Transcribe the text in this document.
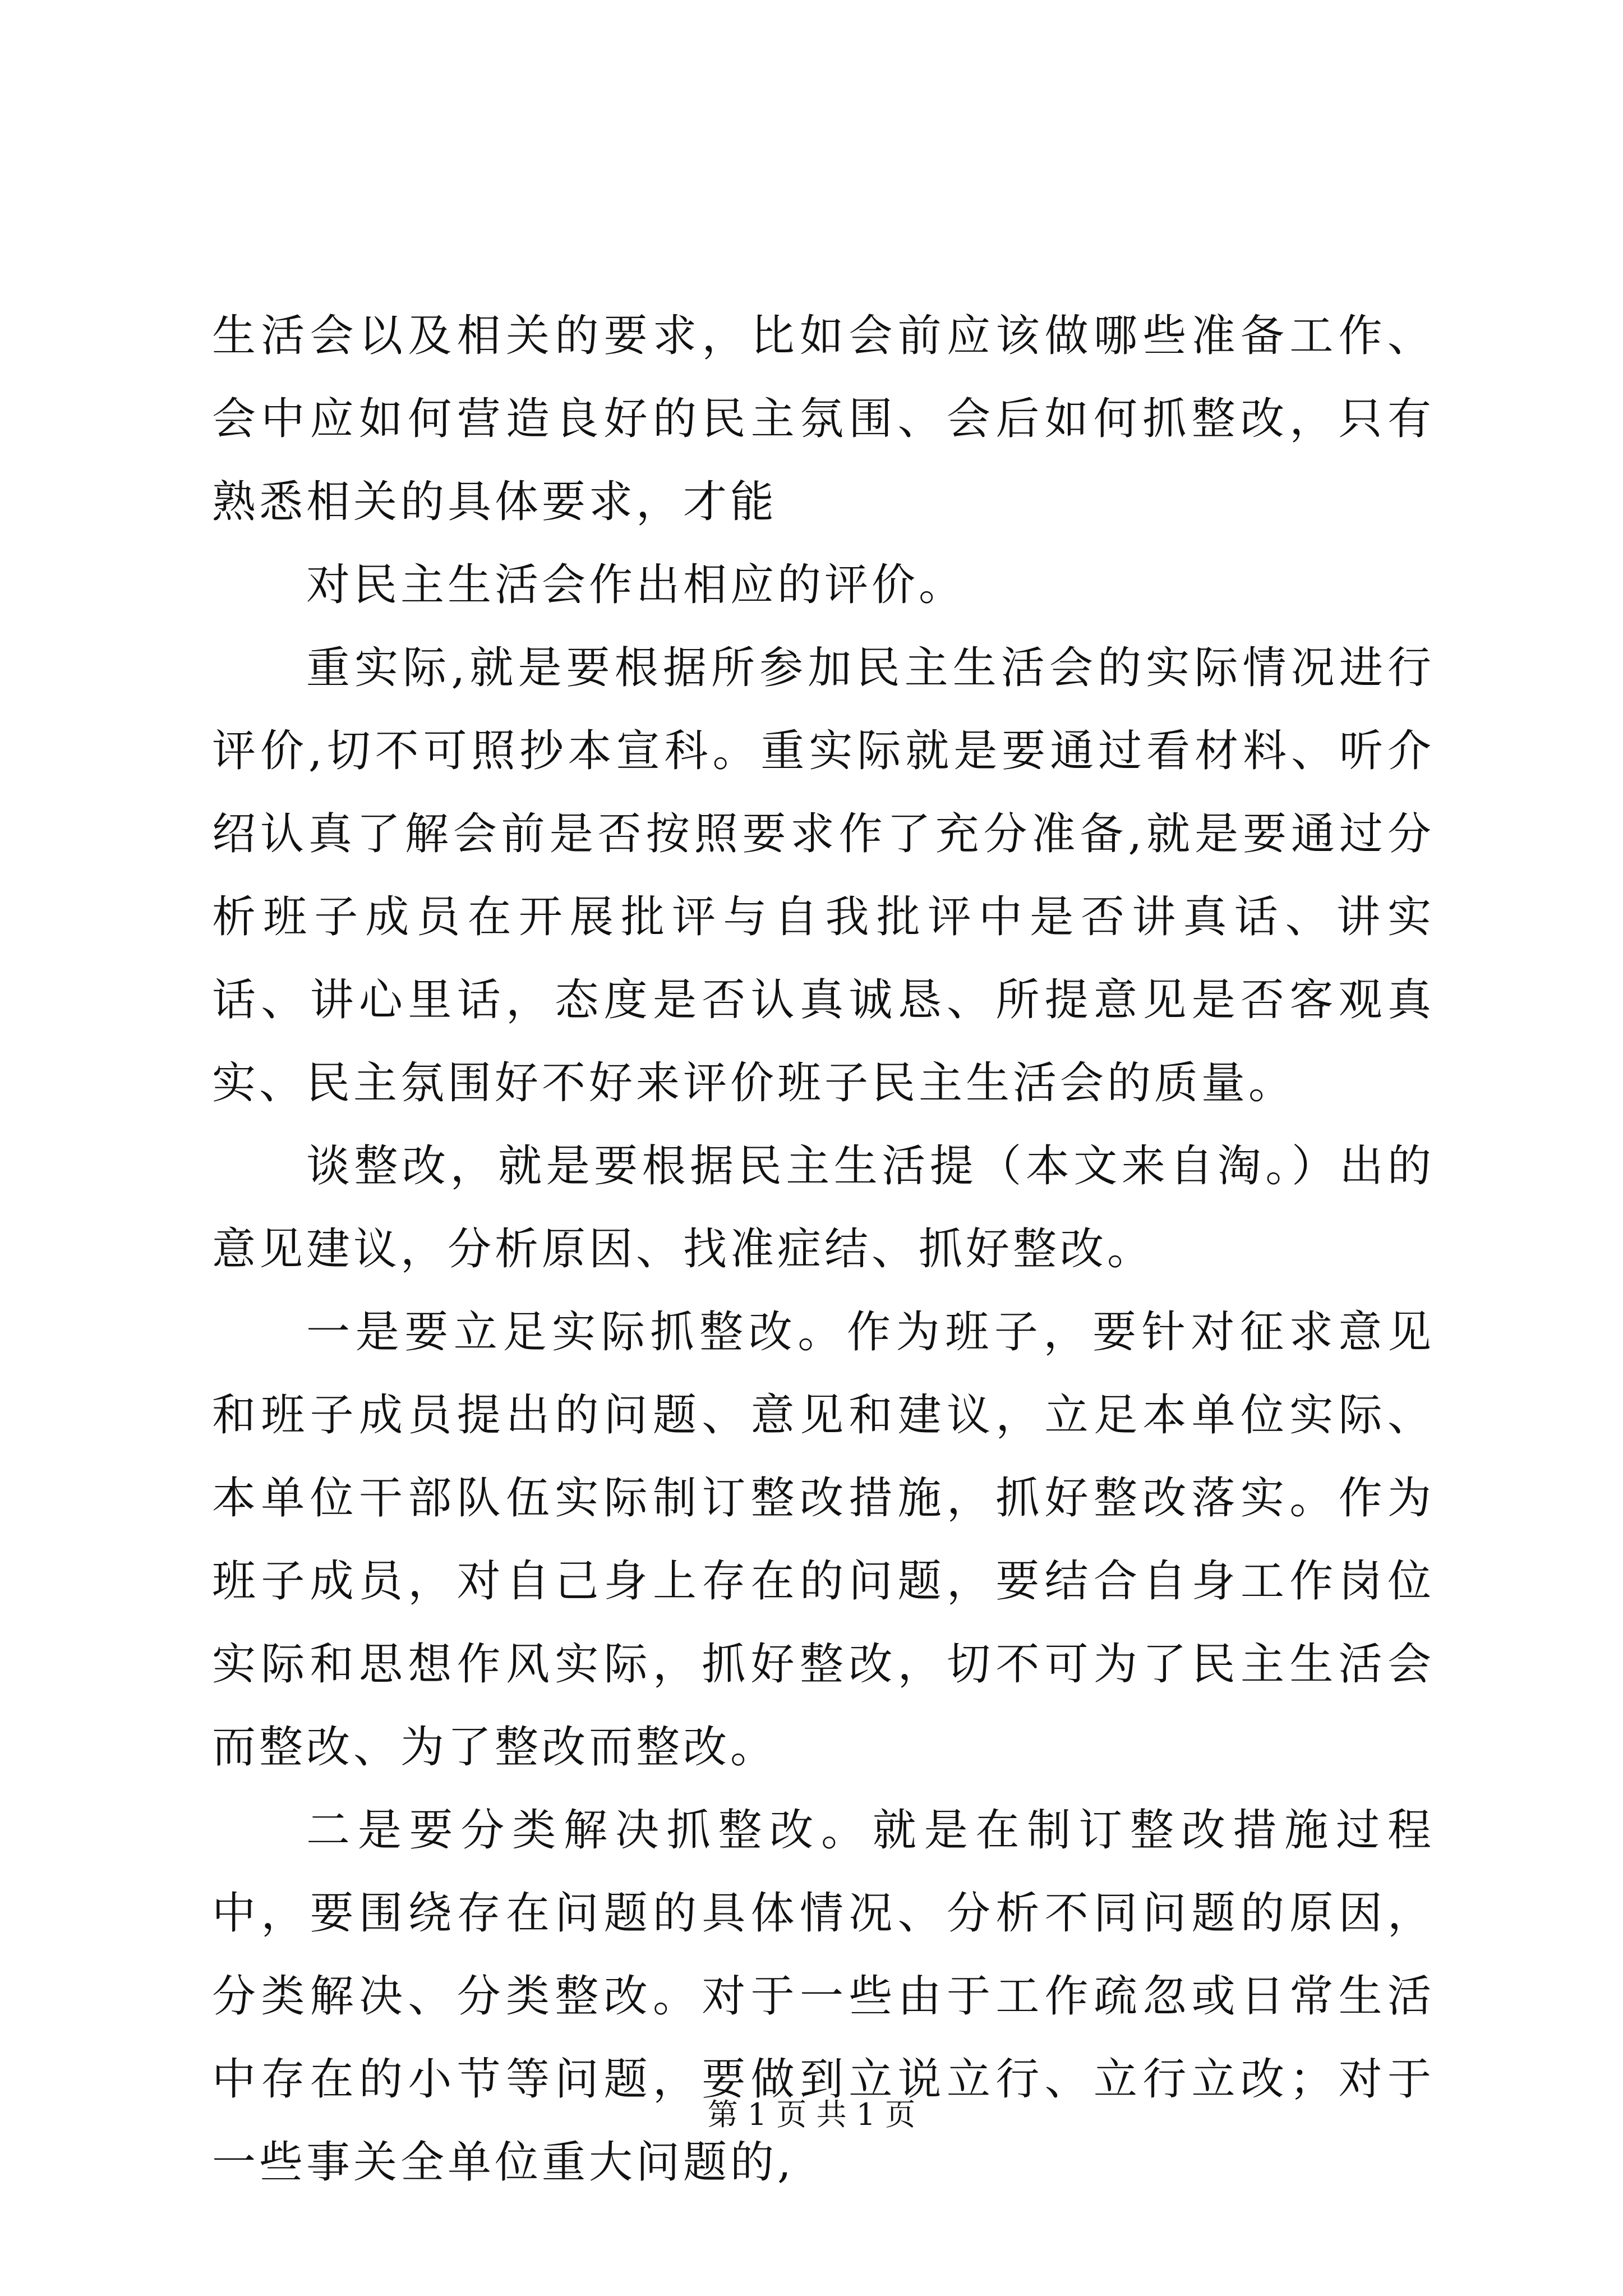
生活会以及相关的要求，比如会前应该做哪些准备工作、会中应如何营造良好的民主氛围、会后如何抓整改，只有熟悉相关的具体要求，才能

对民主生活会作出相应的评价。

重实际,就是要根据所参加民主生活会的实际情况进行评价,切不可照抄本宣科。重实际就是要通过看材料、听介绍认真了解会前是否按照要求作了充分准备,就是要通过分析班子成员在开展批评与自我批评中是否讲真话、讲实话、讲心里话，态度是否认真诚恳、所提意见是否客观真实、民主氛围好不好来评价班子民主生活会的质量。

谈整改，就是要根据民主生活提（本文来自淘。）出的意见建议，分析原因、找准症结、抓好整改。

一是要立足实际抓整改。作为班子，要针对征求意见和班子成员提出的问题、意见和建议，立足本单位实际、本单位干部队伍实际制订整改措施，抓好整改落实。作为班子成员，对自己身上存在的问题，要结合自身工作岗位实际和思想作风实际，抓好整改，切不可为了民主生活会而整改、为了整改而整改。

二是要分类解决抓整改。就是在制订整改措施过程中，要围绕存在问题的具体情况、分析不同问题的原因，分类解决、分类整改。对于一些由于工作疏忽或日常生活中存在的小节等问题，要做到立说立行、立行立改；对于一些事关全单位重大问题的,

第 1 页 共 1 页
